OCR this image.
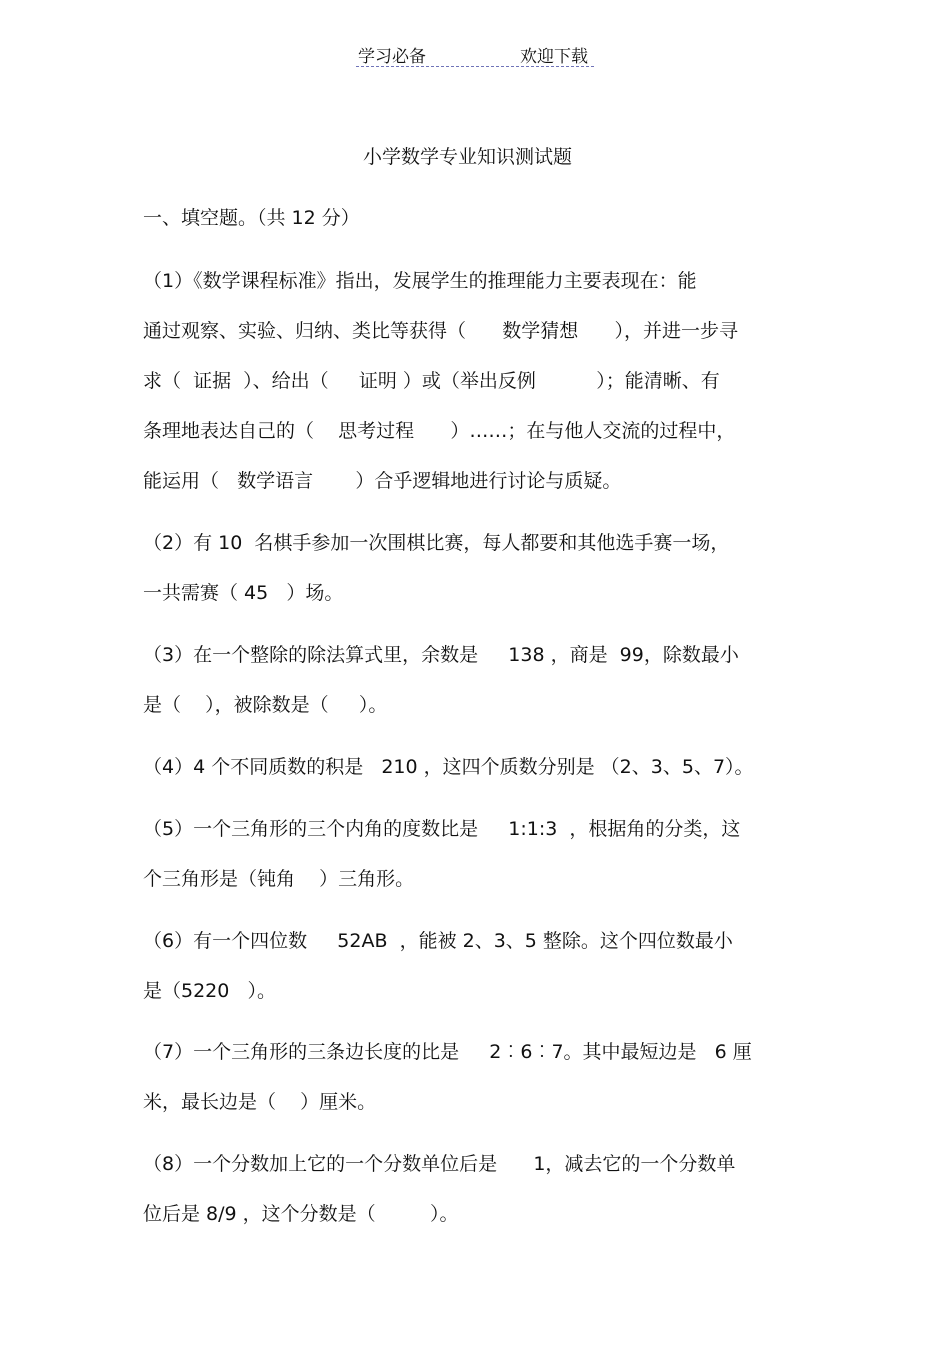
学习必备	欢迎下载
小学数学专业知识测试题
一、填空题。（共 12 分）
（1）《数学课程标准》指出，发展学生的推理能力主要表现在：能
通过观察、实验、归纳、类比等获得（      数学猜想      ），并进一步寻
求（  证据  ）、给出（     证明 ）或（举出反例          ）；能清晰、有
条理地表达自己的（    思考过程      ）……；在与他人交流的过程中，
能运用（   数学语言       ）合乎逻辑地进行讨论与质疑。
（2）有 10  名棋手参加一次围棋比赛，每人都要和其他选手赛一场，
一共需赛（ 45   ）场。
（3）在一个整除的除法算式里，余数是     138 ，商是  99，除数最小
是（    ），被除数是（     ）。
（4）4 个不同质数的积是   210 ，这四个质数分别是 （2、3、5、7）。
（5）一个三角形的三个内角的度数比是     1:1:3  ，根据角的分类，这
个三角形是（钝角    ）三角形。
（6）有一个四位数     52AB  ，能被 2、3、5 整除。这个四位数最小
是（5220   ）。
（7）一个三角形的三条边长度的比是     2︰6︰7。其中最短边是   6 厘
米，最长边是（    ）厘米。
（8）一个分数加上它的一个分数单位后是      1，减去它的一个分数单
位后是 8/9 ，这个分数是（         ）。
